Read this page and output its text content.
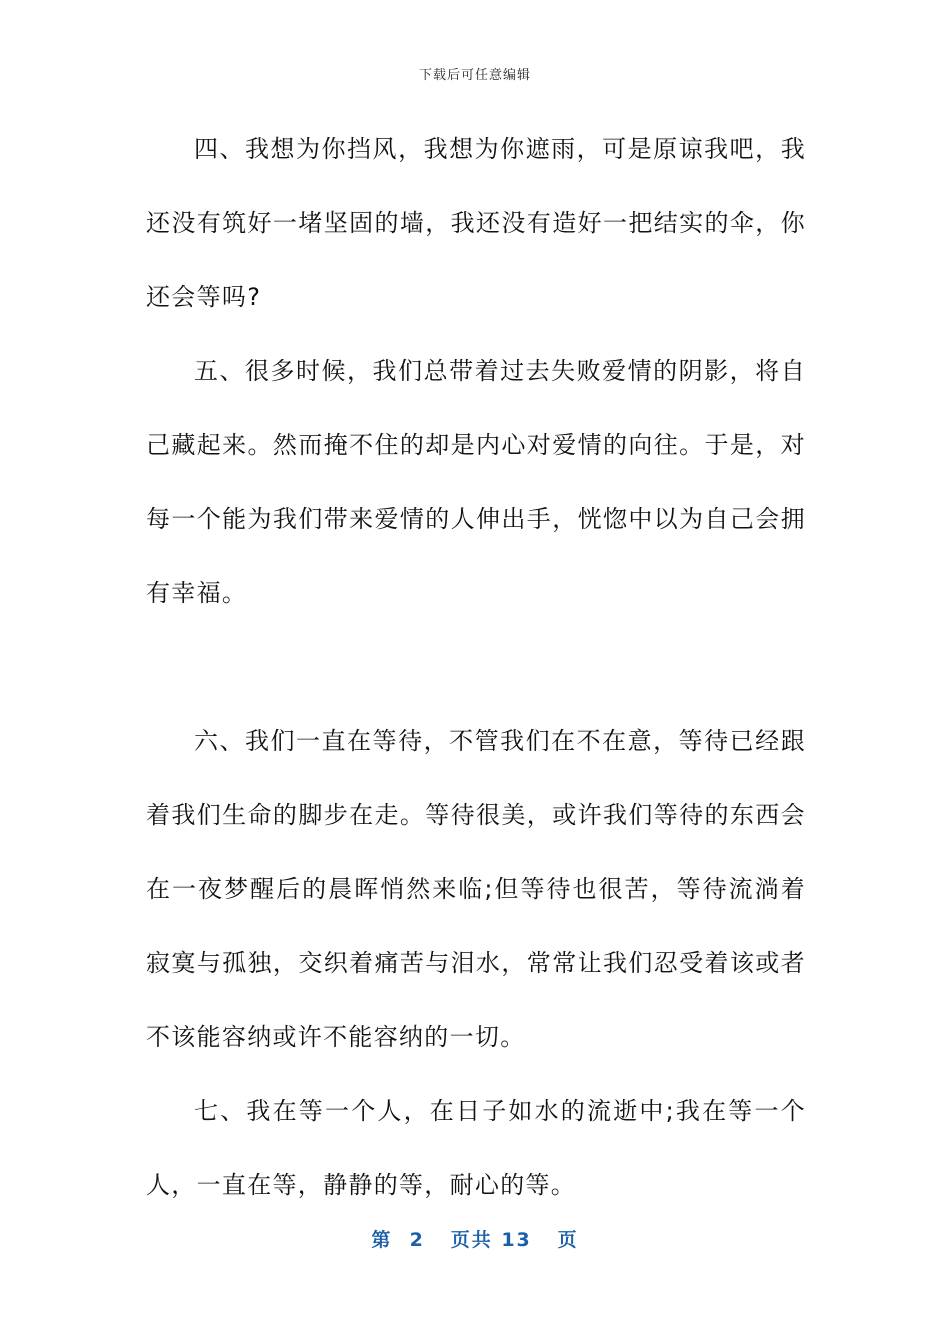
下载后可任意编辑

四、我想为你挡风，我想为你遮雨，可是原谅我吧，我还没有筑好一堵坚固的墙，我还没有造好一把结实的伞，你还会等吗?

五、很多时候，我们总带着过去失败爱情的阴影，将自己藏起来。然而掩不住的却是内心对爱情的向往。于是，对每一个能为我们带来爱情的人伸出手，恍惚中以为自己会拥有幸福。

六、我们一直在等待，不管我们在不在意，等待已经跟着我们生命的脚步在走。等待很美，或许我们等待的东西会在一夜梦醒后的晨晖悄然来临;但等待也很苦，等待流淌着寂寞与孤独，交织着痛苦与泪水，常常让我们忍受着该或者不该能容纳或许不能容纳的一切。

七、我在等一个人，在日子如水的流逝中;我在等一个人，一直在等，静静的等，耐心的等。

第 2 页共 13 页
